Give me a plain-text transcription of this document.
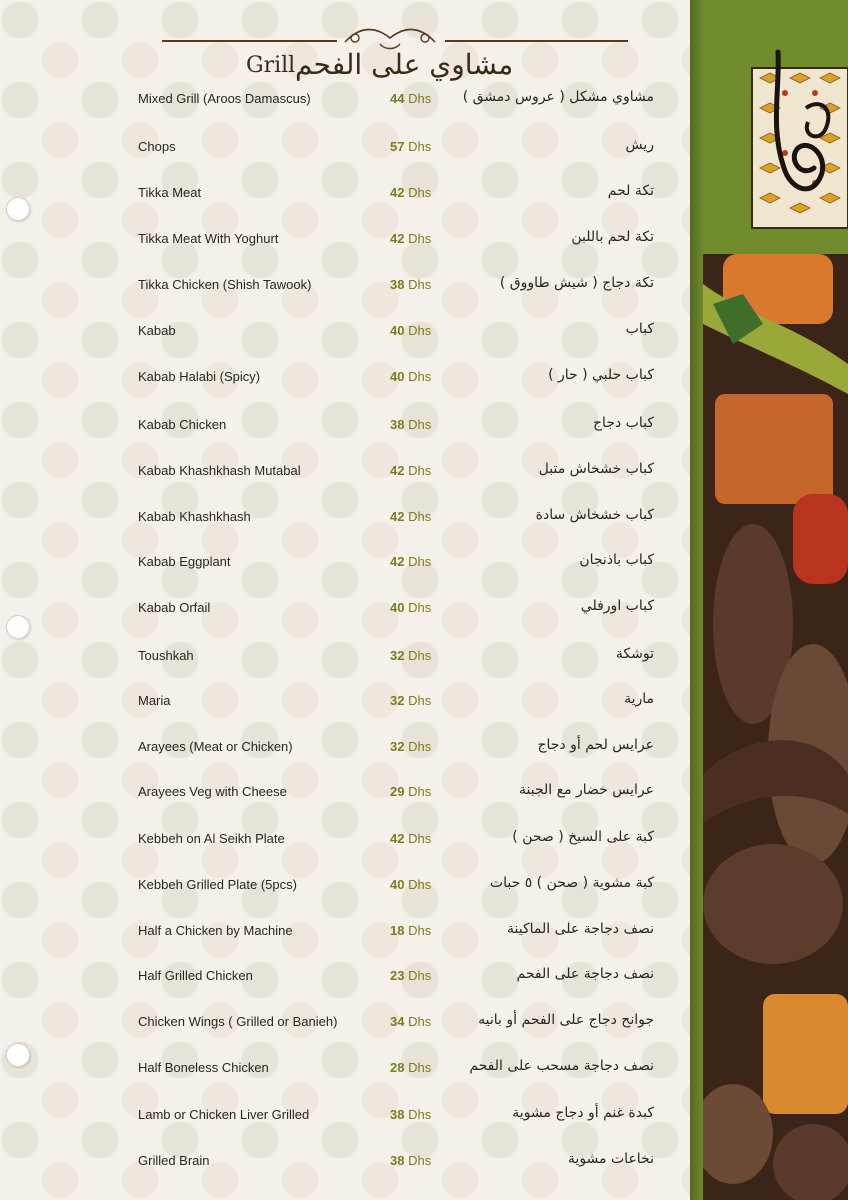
مشاوي على الفحم
Grill
Mixed Grill (Aroos Damascus)	44 Dhs مشاوي مشكل ( عروس دمشق )
Chops	57 Dhs	ريش
Tikka Meat	42 Dhs	تكة لحم
Tikka Meat With Yoghurt	42 Dhs	تكة لحم باللبن
Tikka Chicken (Shish Tawook)	38 Dhs	تكة دجاج ( شيش طاووق )
Kabab	40 Dhs	كباب
Kabab Halabi (Spicy)	40 Dhs	كباب حلبي ( حار )
Kabab Chicken	38 Dhs	كباب دجاج
Kabab Khashkhash Mutabal	42 Dhs	كباب خشخاش متبل
Kabab Khashkhash	42 Dhs	كباب خشخاش سادة
Kabab Eggplant	42 Dhs	كباب باذنجان
Kabab Orfail	40 Dhs	كباب اورفلي
Toushkah	32 Dhs	توشكة
Maria	32 Dhs	مارية
Arayees (Meat or Chicken)	32 Dhs	عرايس لحم أو دجاج
Arayees Veg with Cheese	29 Dhs	عرايس خضار مع الجبنة
Kebbeh on Al Seikh Plate	42 Dhs	كبة على السيخ ( صحن )
Kebbeh Grilled Plate (5pcs)	40 Dhs	كبة مشوية ( صحن ) ٥ حبات
Half a Chicken by Machine	18 Dhs	نصف دجاجة على الماكينة
Half Grilled Chicken	23 Dhs	نصف دجاجة على الفحم
Chicken Wings ( Grilled or Banieh)	34 Dhs	جوانح دجاج على الفحم أو بانيه
Half Boneless Chicken	28 Dhs	نصف دجاجة مسحب على الفحم
Lamb or Chicken Liver Grilled	38 Dhs	كبدة غنم أو دجاج مشوية
Grilled Brain	38 Dhs	نخاعات مشوية
